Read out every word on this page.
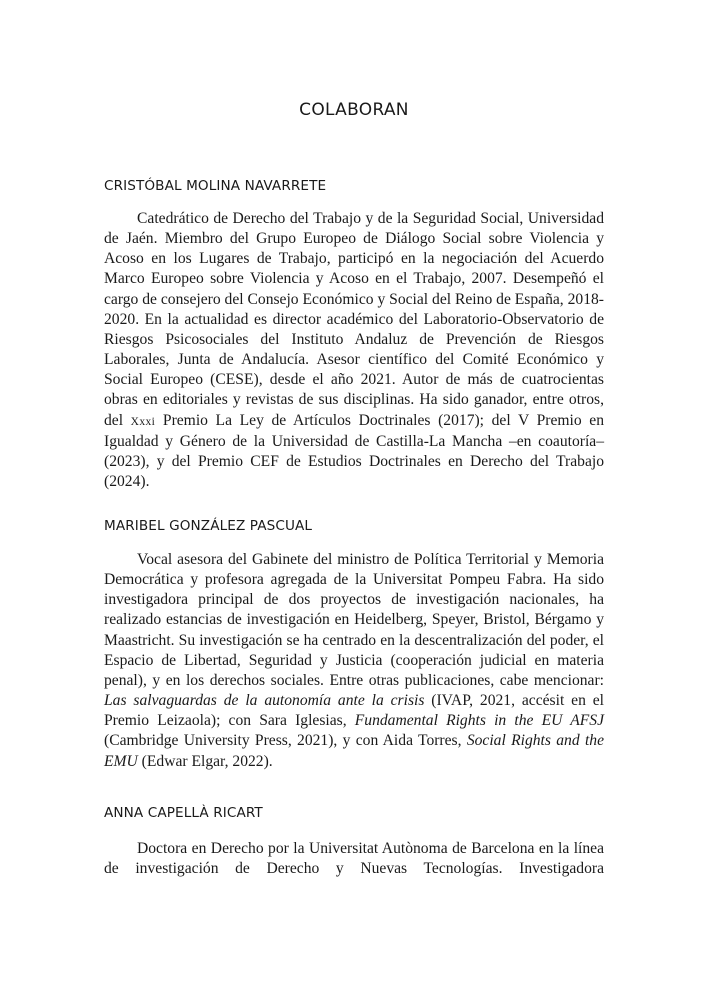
COLABORAN
CRISTÓBAL MOLINA NAVARRETE

Catedrático de Derecho del Trabajo y de la Seguridad Social, Universidad de Jaén. Miembro del Grupo Europeo de Diálogo Social sobre Violencia y Acoso en los Lugares de Trabajo, participó en la negociación del Acuerdo Marco Europeo sobre Violencia y Acoso en el Trabajo, 2007. Desempeñó el cargo de consejero del Consejo Económico y Social del Reino de España, 2018-2020. En la actualidad es director académico del Laboratorio-Observatorio de Riesgos Psicosociales del Instituto Andaluz de Prevención de Riesgos Laborales, Junta de Andalucía. Asesor científico del Comité Económico y Social Europeo (CESE), desde el año 2021. Autor de más de cuatrocientas obras en editoriales y revistas de sus disciplinas. Ha sido ganador, entre otros, del Xxxi Premio La Ley de Artículos Doctrinales (2017); del V Premio en Igualdad y Género de la Universidad de Castilla-La Mancha –en coautoría– (2023), y del Premio CEF de Estudios Doctrinales en Derecho del Trabajo (2024).

MARIBEL GONZÁLEZ PASCUAL

Vocal asesora del Gabinete del ministro de Política Territorial y Memoria Democrática y profesora agregada de la Universitat Pompeu Fabra. Ha sido investigadora principal de dos proyectos de investigación nacionales, ha realizado estancias de investigación en Heidelberg, Speyer, Bristol, Bérgamo y Maastricht. Su investigación se ha centrado en la descentralización del poder, el Espacio de Libertad, Seguridad y Justicia (cooperación judicial en materia penal), y en los derechos sociales. Entre otras publicaciones, cabe mencionar: Las salvaguardas de la autonomía ante la crisis (IVAP, 2021, accésit en el Premio Leizaola); con Sara Iglesias, Fundamental Rights in the EU AFSJ (Cambridge University Press, 2021), y con Aida Torres, Social Rights and the EMU (Edwar Elgar, 2022).

ANNA CAPELLÀ RICART

Doctora en Derecho por la Universitat Autònoma de Barcelona en la línea de investigación de Derecho y Nuevas Tecnologías. Investigadora
